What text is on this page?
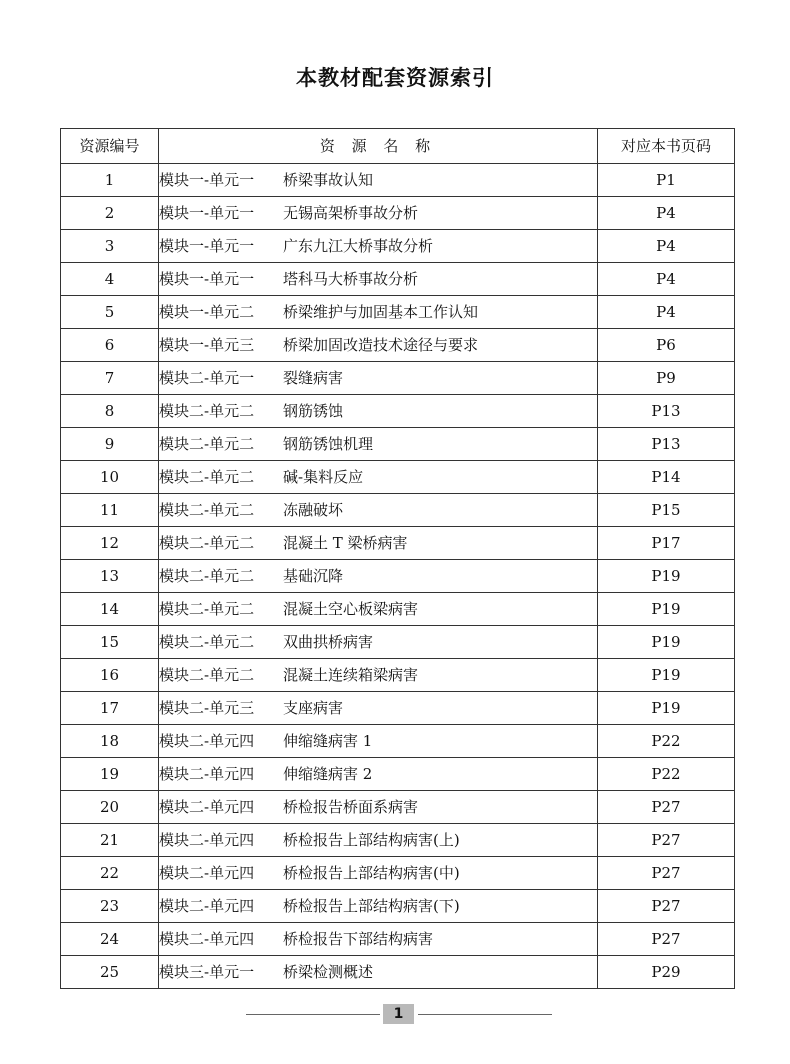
本教材配套资源索引
资源编号	资 源 名 称	对应本书页码
1	模块一-单元一 桥梁事故认知	P1
2	模块一-单元一 无锡高架桥事故分析	P4
3	模块一-单元一 广东九江大桥事故分析	P4
4	模块一-单元一 塔科马大桥事故分析	P4
5	模块一-单元二 桥梁维护与加固基本工作认知	P4
6	模块一-单元三 桥梁加固改造技术途径与要求	P6
7	模块二-单元一 裂缝病害	P9
8	模块二-单元二 钢筋锈蚀	P13
9	模块二-单元二 钢筋锈蚀机理	P13
10	模块二-单元二 碱-集料反应	P14
11	模块二-单元二 冻融破坏	P15
12	模块二-单元二 混凝土 T 梁桥病害	P17
13	模块二-单元二 基础沉降	P19
14	模块二-单元二 混凝土空心板梁病害	P19
15	模块二-单元二 双曲拱桥病害	P19
16	模块二-单元二 混凝土连续箱梁病害	P19
17	模块二-单元三 支座病害	P19
18	模块二-单元四 伸缩缝病害 1	P22
19	模块二-单元四 伸缩缝病害 2	P22
20	模块二-单元四 桥检报告桥面系病害	P27
21	模块二-单元四 桥检报告上部结构病害(上)	P27
22	模块二-单元四 桥检报告上部结构病害(中)	P27
23	模块二-单元四 桥检报告上部结构病害(下)	P27
24	模块二-单元四 桥检报告下部结构病害	P27
25	模块三-单元一 桥梁检测概述	P29
1
